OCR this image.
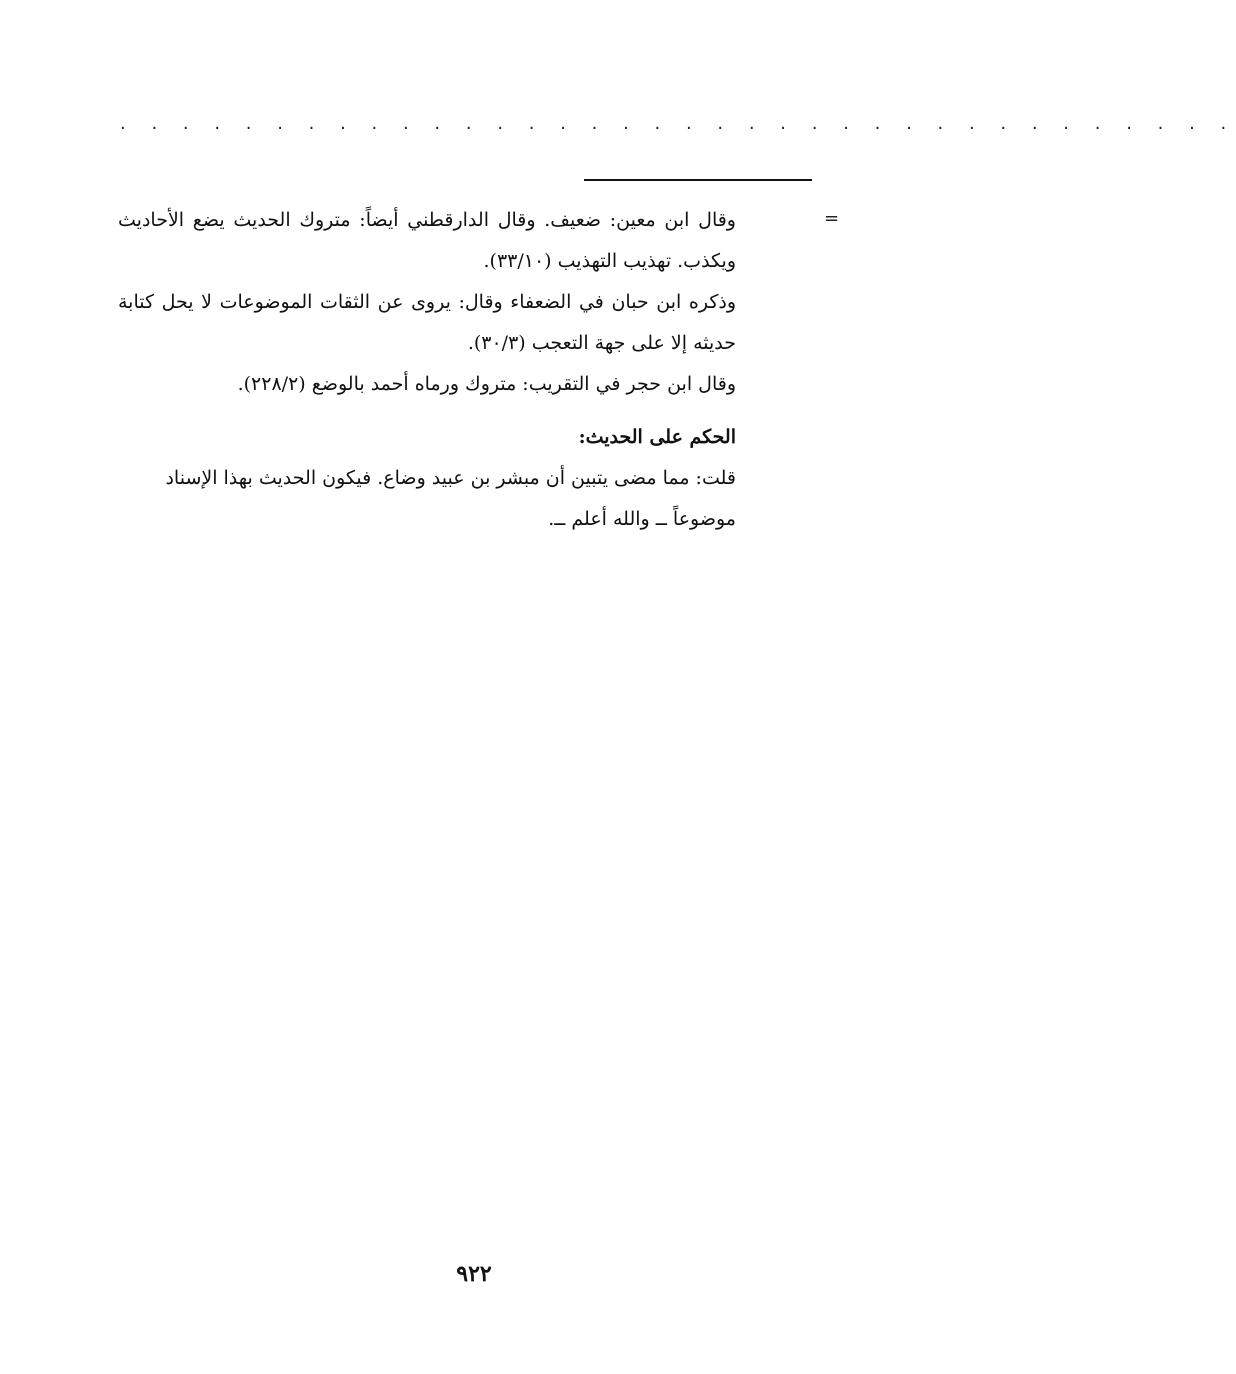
. . . . . . . . . . . . . . . . . . . . . . . . . . . . . . . . . . . .
=

وقال ابن معين: ضعيف. وقال الدارقطني أيضاً: متروك الحديث يضع الأحاديث ويكذب. تهذيب التهذيب (٣٣/١٠).

وذكره ابن حبان في الضعفاء وقال: يروى عن الثقات الموضوعات لا يحل كتابة حديثه إلا على جهة التعجب (٣٠/٣).

وقال ابن حجر في التقريب: متروك ورماه أحمد بالوضع (٢٢٨/٢).

الحكم على الحديث:

قلت: مما مضى يتبين أن مبشر بن عبيد وضاع. فيكون الحديث بهذا الإسناد موضوعاً ــ والله أعلم ــ.

٩٢٢
